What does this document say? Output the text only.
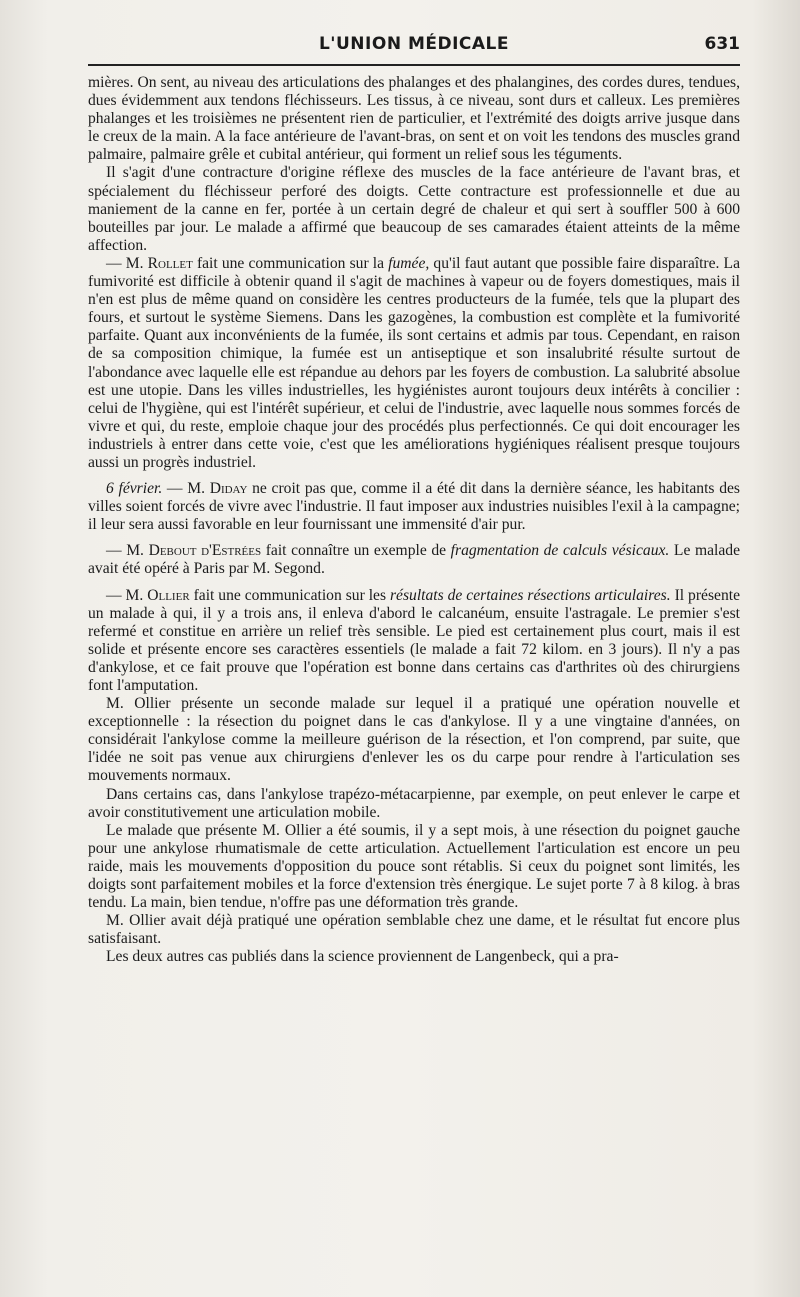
L'UNION MÉDICALE	631

mières. On sent, au niveau des articulations des phalanges et des phalangines, des cordes dures, tendues, dues évidemment aux tendons fléchisseurs. Les tissus, à ce niveau, sont durs et calleux. Les premières phalanges et les troisièmes ne présentent rien de particulier, et l'extrémité des doigts arrive jusque dans le creux de la main. A la face antérieure de l'avant-bras, on sent et on voit les tendons des muscles grand palmaire, palmaire grêle et cubital antérieur, qui forment un relief sous les téguments.

Il s'agit d'une contracture d'origine réflexe des muscles de la face antérieure de l'avant bras, et spécialement du fléchisseur perforé des doigts. Cette contracture est professionnelle et due au maniement de la canne en fer, portée à un certain degré de chaleur et qui sert à souffler 500 à 600 bouteilles par jour. Le malade a affirmé que beaucoup de ses camarades étaient atteints de la même affection.

— M. Rollet fait une communication sur la fumée, qu'il faut autant que possible faire disparaître. La fumivorité est difficile à obtenir quand il s'agit de machines à vapeur ou de foyers domestiques, mais il n'en est plus de même quand on considère les centres producteurs de la fumée, tels que la plupart des fours, et surtout le système Siemens. Dans les gazogènes, la combustion est complète et la fumivorité parfaite. Quant aux inconvénients de la fumée, ils sont certains et admis par tous. Cependant, en raison de sa composition chimique, la fumée est un antiseptique et son insalubrité résulte surtout de l'abondance avec laquelle elle est répandue au dehors par les foyers de combustion. La salubrité absolue est une utopie. Dans les villes industrielles, les hygiénistes auront toujours deux intérêts à concilier : celui de l'hygiène, qui est l'intérêt supérieur, et celui de l'industrie, avec laquelle nous sommes forcés de vivre et qui, du reste, emploie chaque jour des procédés plus perfectionnés. Ce qui doit encourager les industriels à entrer dans cette voie, c'est que les améliorations hygiéniques réalisent presque toujours aussi un progrès industriel.

6 février. — M. Diday ne croit pas que, comme il a été dit dans la dernière séance, les habitants des villes soient forcés de vivre avec l'industrie. Il faut imposer aux industries nuisibles l'exil à la campagne; il leur sera aussi favorable en leur fournissant une immensité d'air pur.

— M. Debout d'Estrées fait connaître un exemple de fragmentation de calculs vésicaux. Le malade avait été opéré à Paris par M. Segond.

— M. Ollier fait une communication sur les résultats de certaines résections articulaires. Il présente un malade à qui, il y a trois ans, il enleva d'abord le calcanéum, ensuite l'astragale. Le premier s'est refermé et constitue en arrière un relief très sensible. Le pied est certainement plus court, mais il est solide et présente encore ses caractères essentiels (le malade a fait 72 kilom. en 3 jours). Il n'y a pas d'ankylose, et ce fait prouve que l'opération est bonne dans certains cas d'arthrites où des chirurgiens font l'amputation.

M. Ollier présente un seconde malade sur lequel il a pratiqué une opération nouvelle et exceptionnelle : la résection du poignet dans le cas d'ankylose. Il y a une vingtaine d'années, on considérait l'ankylose comme la meilleure guérison de la résection, et l'on comprend, par suite, que l'idée ne soit pas venue aux chirurgiens d'enlever les os du carpe pour rendre à l'articulation ses mouvements normaux.

Dans certains cas, dans l'ankylose trapézo-métacarpienne, par exemple, on peut enlever le carpe et avoir constitutivement une articulation mobile.

Le malade que présente M. Ollier a été soumis, il y a sept mois, à une résection du poignet gauche pour une ankylose rhumatismale de cette articulation. Actuellement l'articulation est encore un peu raide, mais les mouvements d'opposition du pouce sont rétablis. Si ceux du poignet sont limités, les doigts sont parfaitement mobiles et la force d'extension très énergique. Le sujet porte 7 à 8 kilog. à bras tendu. La main, bien tendue, n'offre pas une déformation très grande.

M. Ollier avait déjà pratiqué une opération semblable chez une dame, et le résultat fut encore plus satisfaisant.

Les deux autres cas publiés dans la science proviennent de Langenbeck, qui a pra-
